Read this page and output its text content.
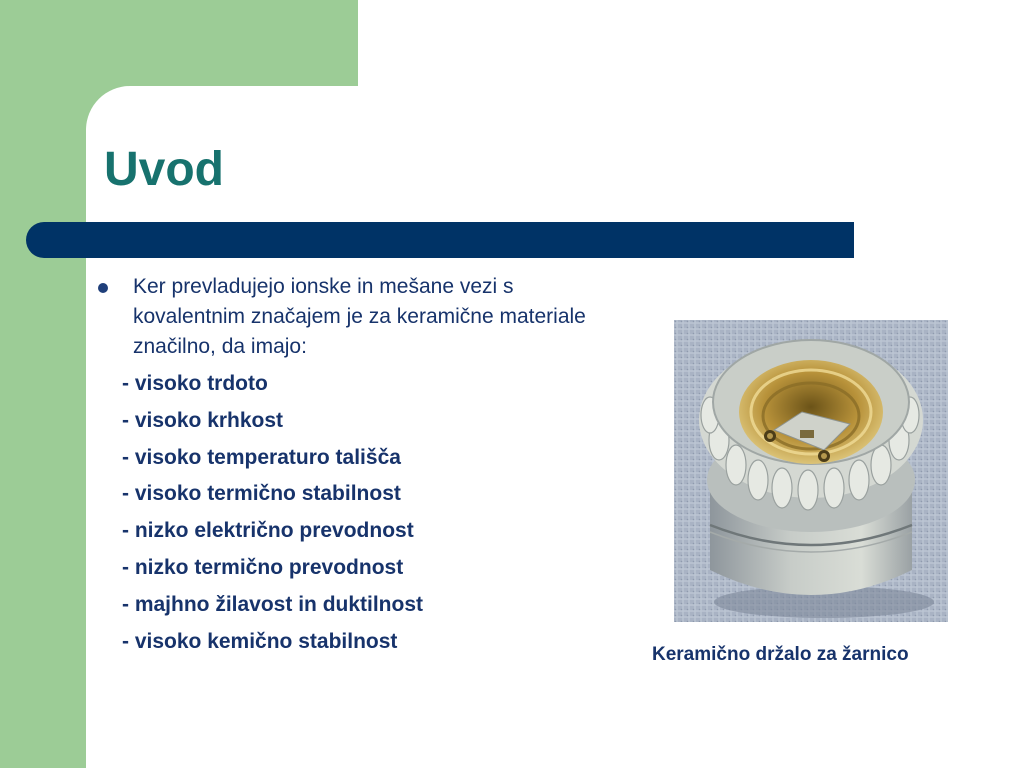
Uvod

Ker prevladujejo ionske in mešane vezi s kovalentnim značajem je za keramične materiale značilno, da imajo:

- visoko trdoto
- visoko krhkost
- visoko temperaturo tališča
- visoko termično stabilnost
- nizko električno prevodnost
- nizko termično prevodnost
- majhno žilavost in duktilnost
- visoko kemično stabilnost

Keramično držalo za žarnico
